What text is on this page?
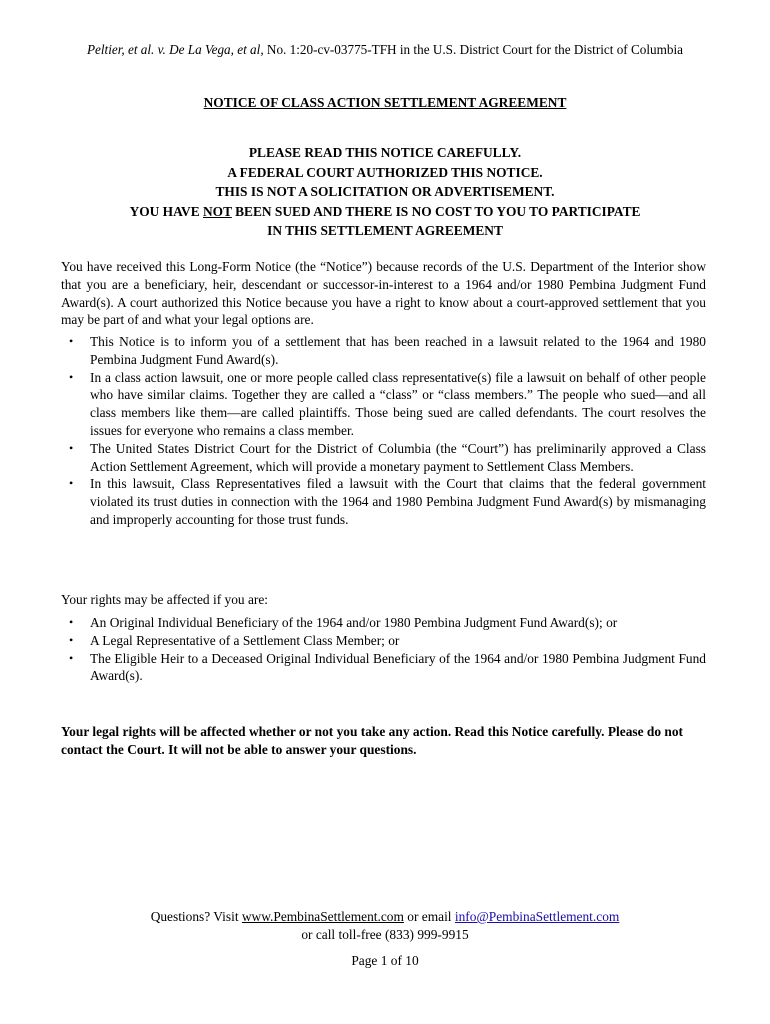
Peltier, et al. v. De La Vega, et al, No. 1:20-cv-03775-TFH in the U.S. District Court for the District of Columbia
NOTICE OF CLASS ACTION SETTLEMENT AGREEMENT
PLEASE READ THIS NOTICE CAREFULLY.
A FEDERAL COURT AUTHORIZED THIS NOTICE.
THIS IS NOT A SOLICITATION OR ADVERTISEMENT.
YOU HAVE NOT BEEN SUED AND THERE IS NO COST TO YOU TO PARTICIPATE
IN THIS SETTLEMENT AGREEMENT
You have received this Long-Form Notice (the “Notice”) because records of the U.S. Department of the Interior show that you are a beneficiary, heir, descendant or successor-in-interest to a 1964 and/or 1980 Pembina Judgment Fund Award(s). A court authorized this Notice because you have a right to know about a court-approved settlement that you may be part of and what your legal options are.
• This Notice is to inform you of a settlement that has been reached in a lawsuit related to the 1964 and 1980 Pembina Judgment Fund Award(s).
• In a class action lawsuit, one or more people called class representative(s) file a lawsuit on behalf of other people who have similar claims. Together they are called a “class” or “class members.” The people who sued—and all class members like them—are called plaintiffs. Those being sued are called defendants. The court resolves the issues for everyone who remains a class member.
• The United States District Court for the District of Columbia (the “Court”) has preliminarily approved a Class Action Settlement Agreement, which will provide a monetary payment to Settlement Class Members.
• In this lawsuit, Class Representatives filed a lawsuit with the Court that claims that the federal government violated its trust duties in connection with the 1964 and 1980 Pembina Judgment Fund Award(s) by mismanaging and improperly accounting for those trust funds.
Your rights may be affected if you are:
• An Original Individual Beneficiary of the 1964 and/or 1980 Pembina Judgment Fund Award(s); or
• A Legal Representative of a Settlement Class Member; or
• The Eligible Heir to a Deceased Original Individual Beneficiary of the 1964 and/or 1980 Pembina Judgment Fund Award(s).
Your legal rights will be affected whether or not you take any action. Read this Notice carefully. Please do not contact the Court. It will not be able to answer your questions.
Questions? Visit www.PembinaSettlement.com or email info@PembinaSettlement.com
or call toll-free (833) 999-9915
Page 1 of 10
